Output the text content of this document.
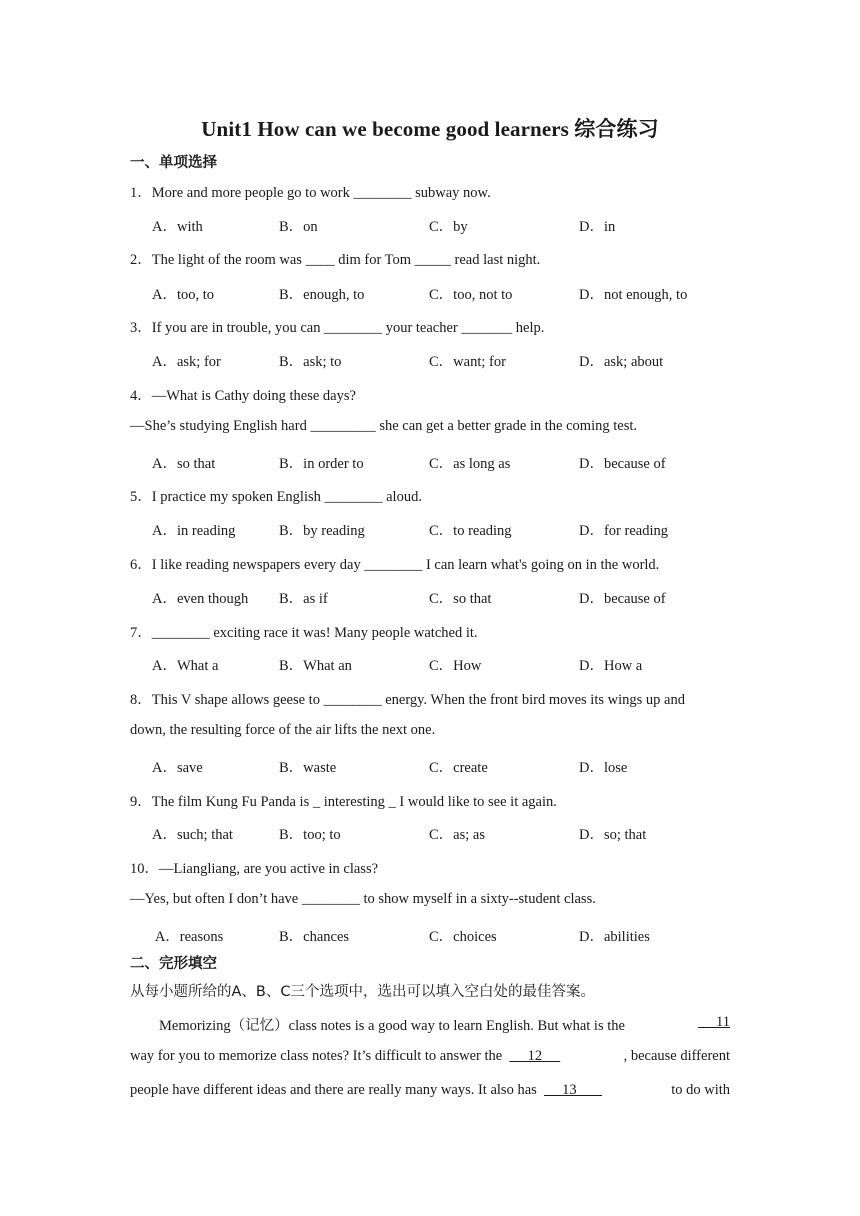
Unit1 How can we become good learners 综合练习
一、单项选择
1．More and more people go to work ________ subway now.
A．with	B．on	C．by	D．in
2．The light of the room was ____ dim for Tom _____ read last night.
A．too, to	B．enough, to	C．too, not to	D．not enough, to
3．If you are in trouble, you can ________ your teacher _______ help.
A．ask; for	B．ask; to	C．want; for	D．ask; about
4．—What is Cathy doing these days?
—She’s studying English hard _________ she can get a better grade in the coming test.
A．so that	B．in order to	C．as long as	D．because of
5．I practice my spoken English ________ aloud.
A．in reading	B．by reading	C．to reading	D．for reading
6．I like reading newspapers every day ________ I can learn what's going on in the world.
A．even though B．as if	C．so that	D．because of
7．________ exciting race it was! Many people watched it.
A．What a	B．What an	C．How	D．How a
8．This V shape allows geese to ________ energy. When the front bird moves its wings up and
down, the resulting force of the air lifts the next one.
A．save	B．waste	C．create	D．lose
9．The film Kung Fu Panda is _ interesting _ I would like to see it again.
A．such; that	B．too; to	C．as; as	D．so; that
10．—Liangliang, are you active in class?
—Yes, but often I don’t have ________ to show myself in a sixty--student class.
A．reasons	B．chances	C．choices	D．abilities
二、完形填空
从每小题所给的A、B、C三个选项中，选出可以填入空白处的最佳答案。
Memorizing（记忆）class notes is a good way to learn English. But what is the	11
way for you to memorize class notes? It’s difficult to answer the       12	, because different
people have different ideas and there are really many ways. It also has       13	to do with
